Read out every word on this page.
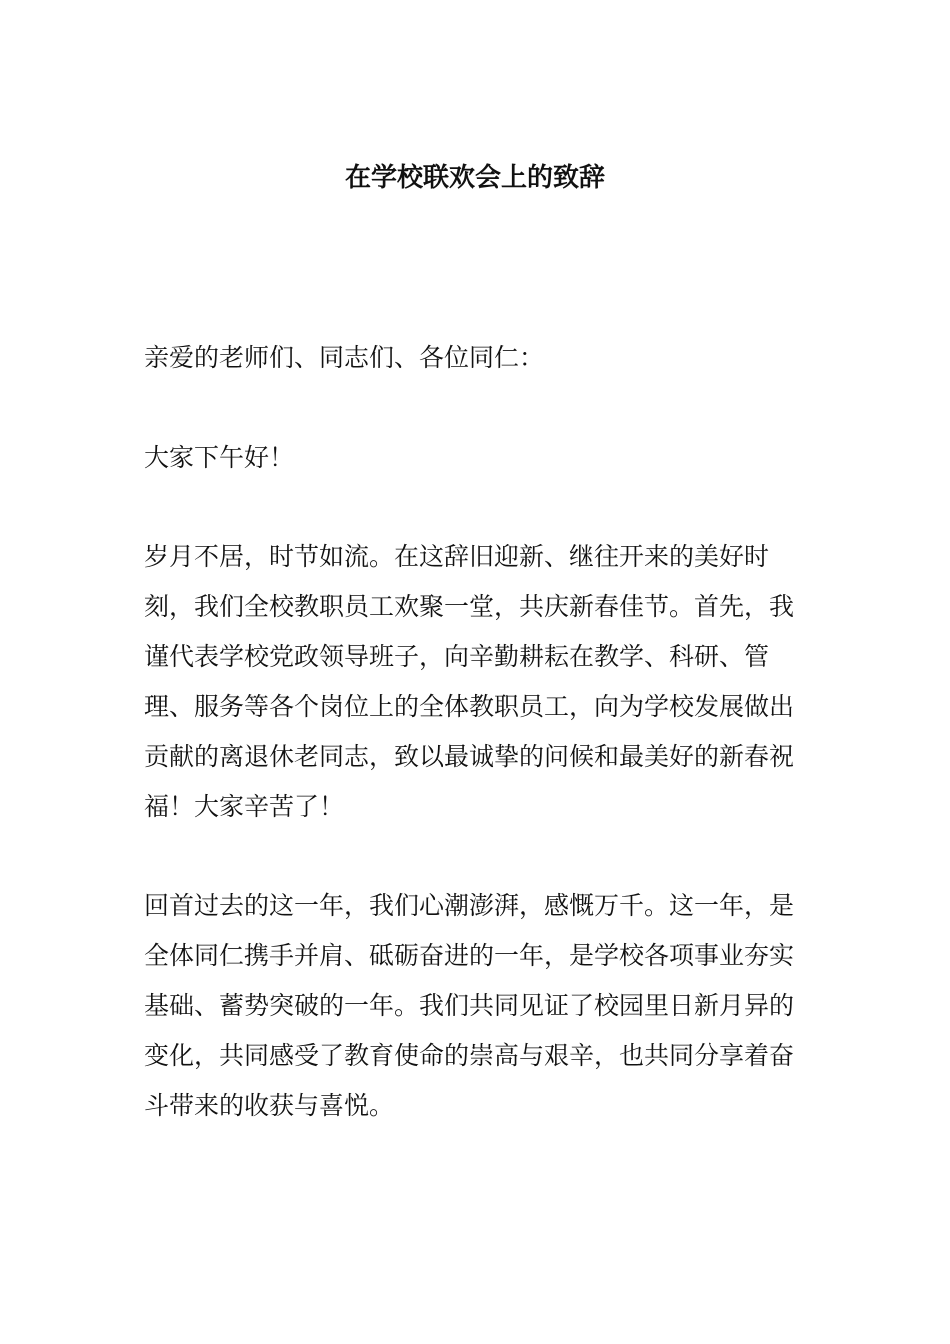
在学校联欢会上的致辞

亲爱的老师们、同志们、各位同仁：

大家下午好！

岁月不居，时节如流。在这辞旧迎新、继往开来的美好时刻，我们全校教职员工欢聚一堂，共庆新春佳节。首先，我谨代表学校党政领导班子，向辛勤耕耘在教学、科研、管理、服务等各个岗位上的全体教职员工，向为学校发展做出贡献的离退休老同志，致以最诚挚的问候和最美好的新春祝福！大家辛苦了！

回首过去的这一年，我们心潮澎湃，感慨万千。这一年，是全体同仁携手并肩、砥砺奋进的一年，是学校各项事业夯实基础、蓄势突破的一年。我们共同见证了校园里日新月异的变化，共同感受了教育使命的崇高与艰辛，也共同分享着奋斗带来的收获与喜悦。
